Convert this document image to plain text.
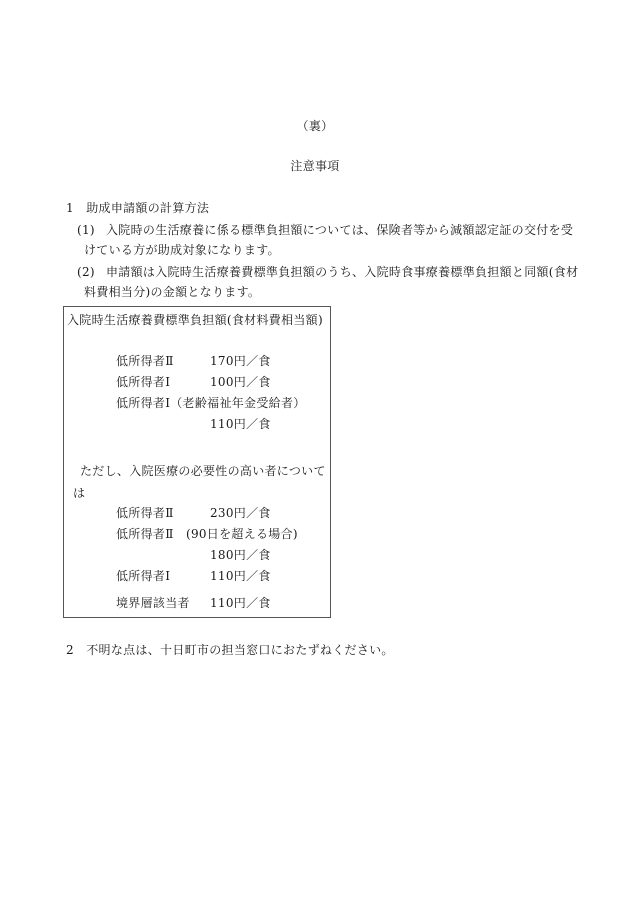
（裏）
注意事項
1　助成申請額の計算方法
(1) 入院時の生活療養に係る標準負担額については、保険者等から減額認定証の交付を受
けている方が助成対象になります。
(2) 申請額は入院時生活療養費標準負担額のうち、入院時食事療養標準負担額と同額(食材
料費相当分)の金額となります。
入院時生活療養費標準負担額(食材料費相当額)
低所得者Ⅱ	170円／食
低所得者Ⅰ	100円／食
低所得者Ⅰ（老齢福祉年金受給者）
110円／食
ただし、入院医療の必要性の高い者について
は
低所得者Ⅱ	230円／食
低所得者Ⅱ　(90日を超える場合)
180円／食
低所得者Ⅰ	110円／食
境界層該当者 110円／食
2　不明な点は、十日町市の担当窓口におたずねください。
